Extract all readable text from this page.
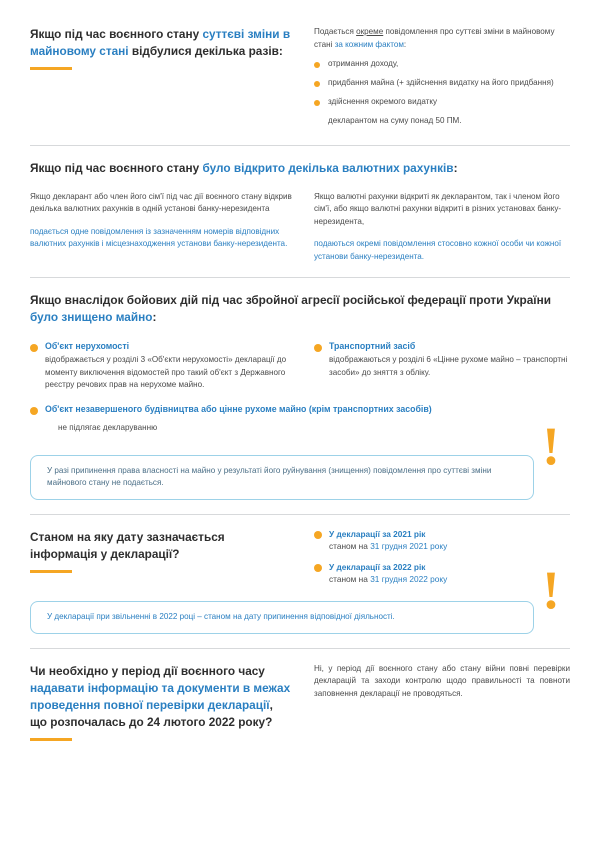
Якщо під час воєнного стану суттєві зміни в майновому стані відбулися декілька разів:
Подається окреме повідомлення про суттєві зміни в майновому стані за кожним фактом:
отримання доходу,
придбання майна (+ здійснення видатку на його придбання)
здійснення окремого видатку
декларантом на суму понад 50 ПМ.
Якщо під час воєнного стану було відкрито декілька валютних рахунків:
Якщо декларант або член його сім'ї під час дії воєнного стану відкрив декілька валютних рахунків в одній установі банку-нерезидента
подається одне повідомлення із зазначенням номерів відповідних валютних рахунків і місцезнаходження установи банку-нерезидента.
Якщо валютні рахунки відкриті як декларантом, так і членом його сім'ї, або якщо валютні рахунки відкриті в різних установах банку-нерезидента,
подаються окремі повідомлення стосовно кожної особи чи кожної установи банку-нерезидента.
Якщо внаслідок бойових дій під час збройної агресії російської федерації проти України було знищено майно:
Об'єкт нерухомості
відображається у розділі 3 «Об'єкти нерухомості» декларації до моменту виключення відомостей про такий об'єкт з Державного реєстру речових прав на нерухоме майно.
Транспортний засіб
відображаються у розділі 6 «Цінне рухоме майно – транспортні засоби» до зняття з обліку.
Об'єкт незавершеного будівництва або цінне рухоме майно (крім транспортних засобів)
не підлягає декларуванню	!
У разі припинення права власності на майно у результаті його руйнування (знищення) повідомлення про суттєві зміни майнового стану не подається.
Станом на яку дату зазначається інформація у декларації?
У декларації за 2021 рік
станом на 31 грудня 2021 року
У декларації за 2022 рік
станом на 31 грудня 2022 року	!
У декларації при звільненні в 2022 році – станом на дату припинення відповідної діяльності.
Чи необхідно у період дії воєнного часу надавати інформацію та документи в межах проведення повної перевірки декларації, що розпочалась до 24 лютого 2022 року?
Ні, у період дії воєнного стану або стану війни повні перевірки декларацій та заходи контролю щодо правильності та повноти заповнення декларації не проводяться.
